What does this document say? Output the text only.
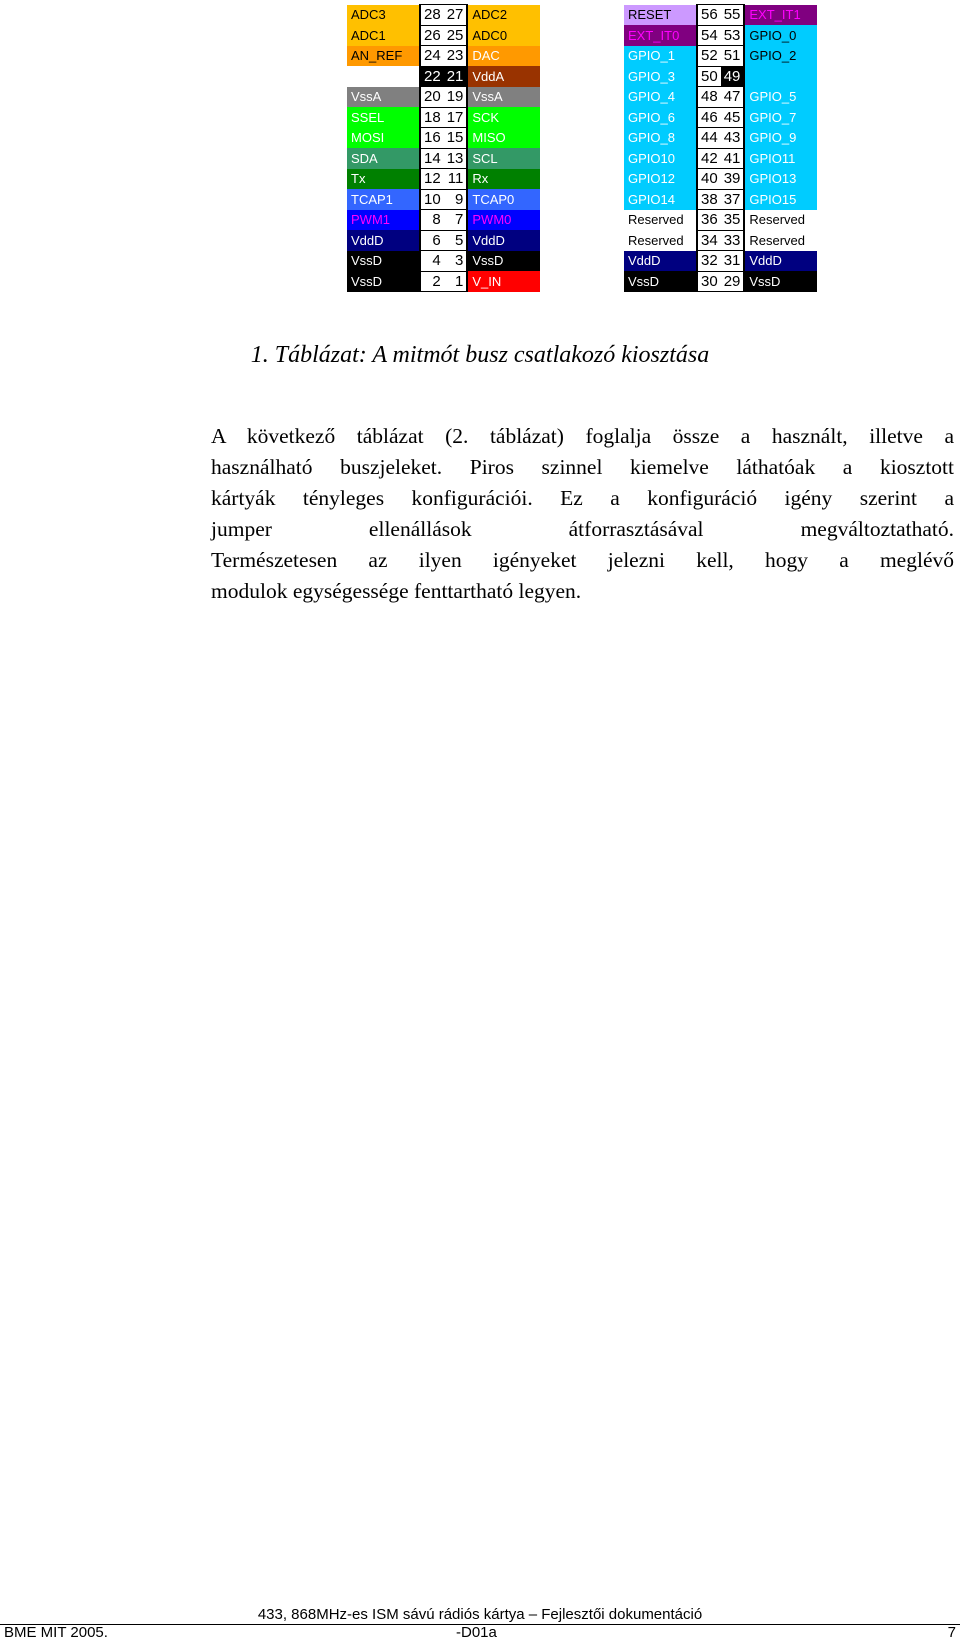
ADC3	28	27	ADC2
ADC1	26	25	ADC0
AN_REF	24	23	DAC
	22	21	VddA
VssA	20	19	VssA
SSEL	18	17	SCK
MOSI	16	15	MISO
SDA	14	13	SCL
Tx	12	11	Rx
TCAP1	10	9	TCAP0
PWM1	8	7	PWM0
VddD	6	5	VddD
VssD	4	3	VssD
VssD	2	1	V_IN
RESET	56	55	EXT_IT1
EXT_IT0	54	53	GPIO_0
GPIO_1	52	51	GPIO_2
GPIO_3	50	49	
GPIO_4	48	47	GPIO_5
GPIO_6	46	45	GPIO_7
GPIO_8	44	43	GPIO_9
GPIO10	42	41	GPIO11
GPIO12	40	39	GPIO13
GPIO14	38	37	GPIO15
Reserved	36	35	Reserved
Reserved	34	33	Reserved
VddD	32	31	VddD
VssD	30	29	VssD
1. Táblázat: A mitmót busz csatlakozó kiosztása

A következő táblázat (2. táblázat) foglalja össze a használt, illetve a
használható buszjeleket. Piros szinnel kiemelve láthatóak a kiosztott
kártyák tényleges konfigurációi. Ez a konfiguráció igény szerint a
jumper ellenállások átforrasztásával megváltoztatható.
Természetesen az ilyen igényeket jelezni kell, hogy a meglévő
modulok egységessége fenttartható legyen.

433, 868MHz-es ISM sávú rádiós kártya – Fejlesztői dokumentáció
BME MIT 2005.	-D01a	7
